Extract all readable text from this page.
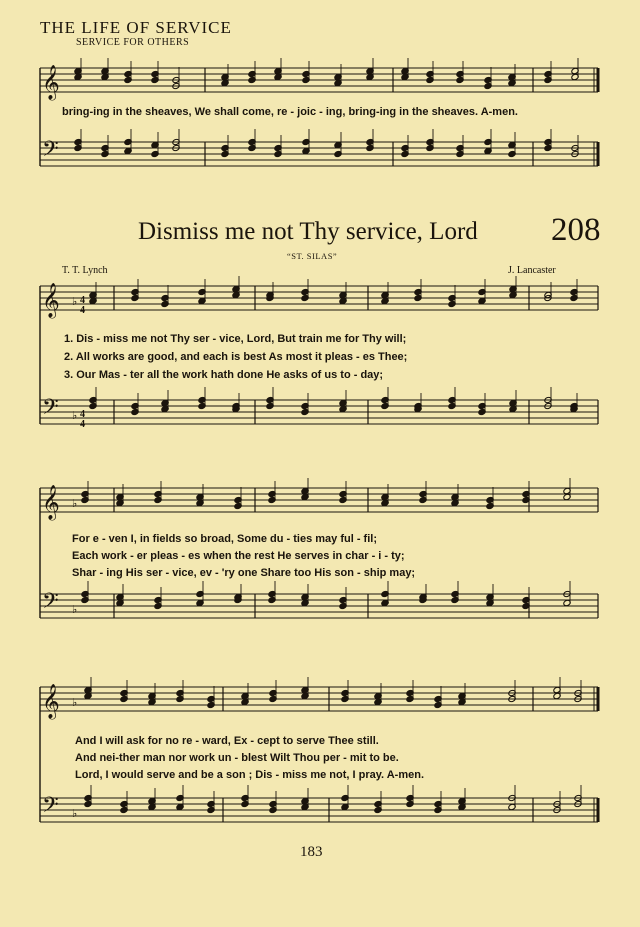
THE LIFE OF SERVICE
SERVICE FOR OTHERS
𝄞
𝄢
𝄞
𝄢
𝄞
𝄢
𝄞
𝄢
♭ 4
4
♭ 4
4
♭
♭
♭
♭
bring-ing in the sheaves, We shall come, re - joic - ing, bring-ing in the sheaves. A-men.
Dismiss me not Thy service, Lord 208
“ST. SILAS”
T. T. Lynch	J. Lancaster
1. Dis - miss me not Thy ser - vice, Lord, But train me for Thy will;
2. All works are good, and each is best As most it pleas - es Thee;
3. Our Mas - ter all the work hath done He asks of us to - day;
For e - ven I, in fields so broad, Some du - ties may ful - fil;
Each work - er pleas - es when the rest He serves in char - i - ty;
Shar - ing His ser - vice, ev - 'ry one Share too His son - ship may;
And I will ask for no re - ward, Ex - cept to serve Thee still.
And nei-ther man nor work un - blest Wilt Thou per - mit to be.
Lord, I would serve and be a son ; Dis - miss me not, I pray. A-men.
183
